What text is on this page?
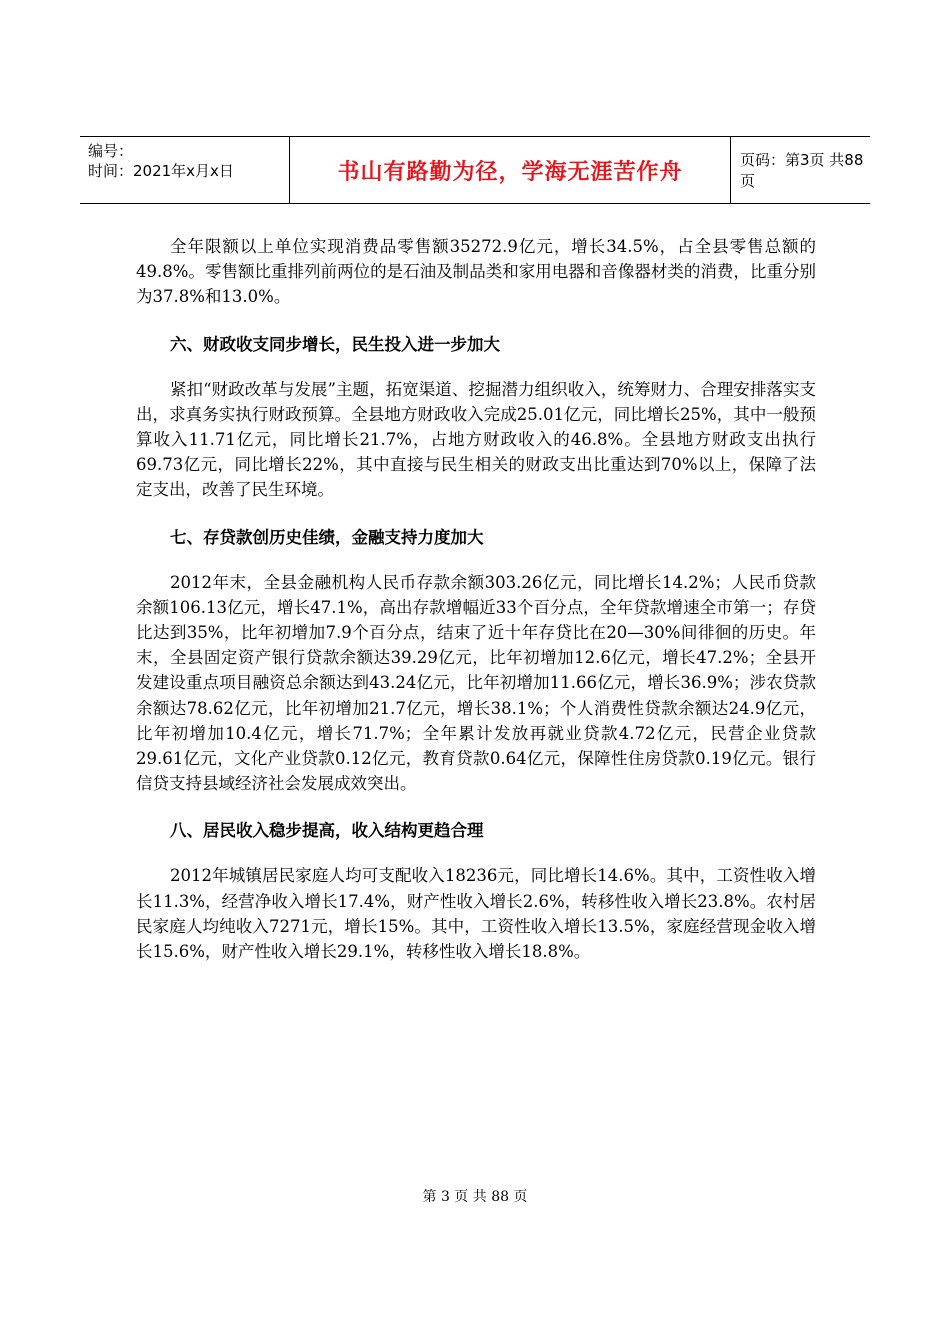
编号：
时间：2021年x月x日	书山有路勤为径，学海无涯苦作舟	页码：第3页 共88页

全年限额以上单位实现消费品零售额35272.9亿元，增长34.5%，占全县零售总额的49.8%。零售额比重排列前两位的是石油及制品类和家用电器和音像器材类的消费，比重分别为37.8%和13.0%。

六、财政收支同步增长，民生投入进一步加大

紧扣“财政改革与发展”主题，拓宽渠道、挖掘潜力组织收入，统筹财力、合理安排落实支出，求真务实执行财政预算。全县地方财政收入完成25.01亿元，同比增长25%，其中一般预算收入11.71亿元，同比增长21.7%，占地方财政收入的46.8%。全县地方财政支出执行69.73亿元，同比增长22%，其中直接与民生相关的财政支出比重达到70%以上，保障了法定支出，改善了民生环境。

七、存贷款创历史佳绩，金融支持力度加大

2012年末，全县金融机构人民币存款余额303.26亿元，同比增长14.2%；人民币贷款余额106.13亿元，增长47.1%，高出存款增幅近33个百分点，全年贷款增速全市第一；存贷比达到35%，比年初增加7.9个百分点，结束了近十年存贷比在20—30%间徘徊的历史。年末，全县固定资产银行贷款余额达39.29亿元，比年初增加12.6亿元，增长47.2%；全县开发建设重点项目融资总余额达到43.24亿元，比年初增加11.66亿元，增长36.9%；涉农贷款余额达78.62亿元，比年初增加21.7亿元，增长38.1%；个人消费性贷款余额达24.9亿元，比年初增加10.4亿元，增长71.7%；全年累计发放再就业贷款4.72亿元，民营企业贷款29.61亿元，文化产业贷款0.12亿元，教育贷款0.64亿元，保障性住房贷款0.19亿元。银行信贷支持县域经济社会发展成效突出。

八、居民收入稳步提高，收入结构更趋合理

2012年城镇居民家庭人均可支配收入18236元，同比增长14.6%。其中，工资性收入增长11.3%，经营净收入增长17.4%，财产性收入增长2.6%，转移性收入增长23.8%。农村居民家庭人均纯收入7271元，增长15%。其中，工资性收入增长13.5%，家庭经营现金收入增长15.6%，财产性收入增长29.1%，转移性收入增长18.8%。

第 3 页 共 88 页
